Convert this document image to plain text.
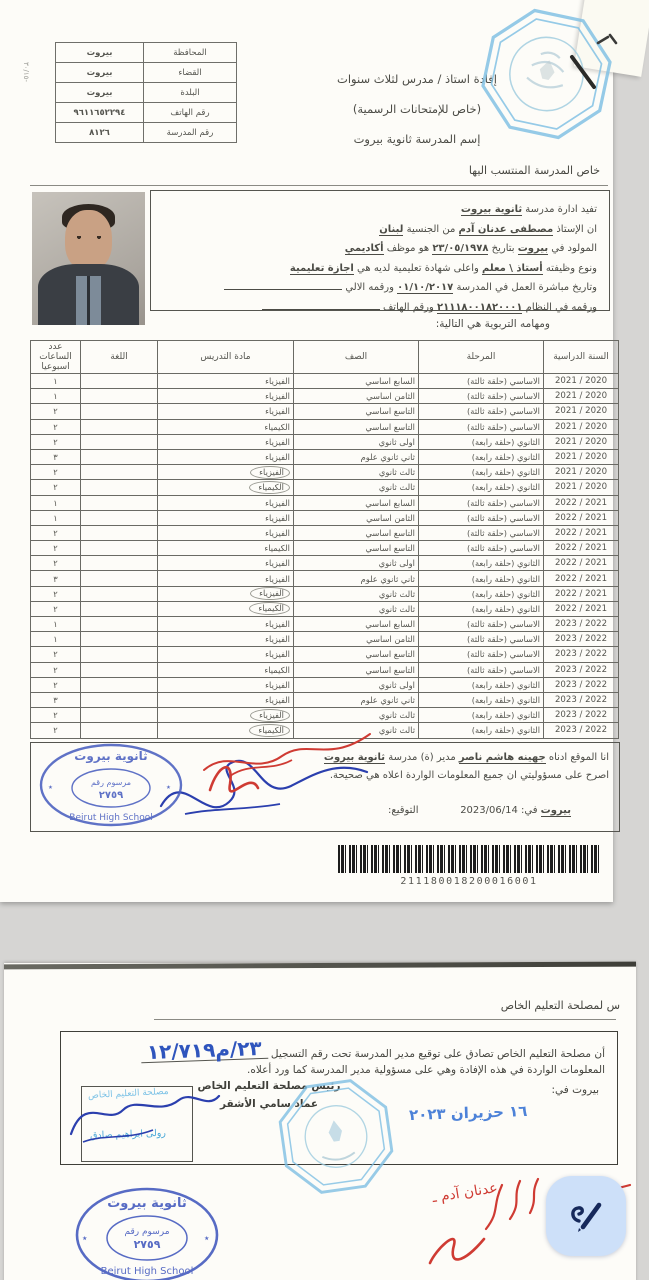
٣٠/١٥-
المحافظة	بيروت
القضاء	بيروت
البلدة	بيروت
رقم الهاتف	٩٦١١٦٥٢٢٩٤
رقم المدرسة	٨١٢٦
إفادة استاذ / مدرس لثلاث سنوات
(خاص للإمتحانات الرسمية)
إسم المدرسة ثانوية بيروت
خاص المدرسة المنتسب اليها
تفيد ادارة مدرسة ثانوية بيروت
ان الإستاذ مصطفى عدنان آدم من الجنسية لبنان
المولود في بيروت بتاريخ ٢٣/٠٥/١٩٧٨ هو موظف أكاديمي
ونوع وظيفته أستاذ \ معلم واعلى شهادة تعليمية لديه هي اجازة تعليمية
وتاريخ مباشرة العمل في المدرسة ٠١/١٠/٢٠١٧ ورقمه الالي
ورقمه في النظام ٢١١١٨٠٠١٨٢٠٠٠١ ورقم الهاتف
ومهامه التربوية هي التالية:
السنة الدراسية	المرحلة	الصف	مادة التدريس	اللغة	عدد الساعات اسبوعيا
2020 / 2021	الاساسي (حلقة ثالثة)	السابع اساسي	الفيزياء		١
2020 / 2021	الاساسي (حلقة ثالثة)	الثامن اساسي	الفيزياء		١
2020 / 2021	الاساسي (حلقة ثالثة)	التاسع اساسي	الفيزياء		٢
2020 / 2021	الاساسي (حلقة ثالثة)	التاسع اساسي	الكيمياء		٢
2020 / 2021	الثانوي (حلقة رابعة)	اولى ثانوي	الفيزياء		٢
2020 / 2021	الثانوي (حلقة رابعة)	ثاني ثانوي علوم	الفيزياء		٣
2020 / 2021	الثانوي (حلقة رابعة)	ثالث ثانوي	الفيزياء		٢
2020 / 2021	الثانوي (حلقة رابعة)	ثالث ثانوي	الكيمياء		٢
2021 / 2022	الاساسي (حلقة ثالثة)	السابع اساسي	الفيزياء		١
2021 / 2022	الاساسي (حلقة ثالثة)	الثامن اساسي	الفيزياء		١
2021 / 2022	الاساسي (حلقة ثالثة)	التاسع اساسي	الفيزياء		٢
2021 / 2022	الاساسي (حلقة ثالثة)	التاسع اساسي	الكيمياء		٢
2021 / 2022	الثانوي (حلقة رابعة)	اولى ثانوي	الفيزياء		٢
2021 / 2022	الثانوي (حلقة رابعة)	ثاني ثانوي علوم	الفيزياء		٣
2021 / 2022	الثانوي (حلقة رابعة)	ثالث ثانوي	الفيزياء		٢
2021 / 2022	الثانوي (حلقة رابعة)	ثالث ثانوي	الكيمياء		٢
2022 / 2023	الاساسي (حلقة ثالثة)	السابع اساسي	الفيزياء		١
2022 / 2023	الاساسي (حلقة ثالثة)	الثامن اساسي	الفيزياء		١
2022 / 2023	الاساسي (حلقة ثالثة)	التاسع اساسي	الفيزياء		٢
2022 / 2023	الاساسي (حلقة ثالثة)	التاسع اساسي	الكيمياء		٢
2022 / 2023	الثانوي (حلقة رابعة)	اولى ثانوي	الفيزياء		٢
2022 / 2023	الثانوي (حلقة رابعة)	ثاني ثانوي علوم	الفيزياء		٣
2022 / 2023	الثانوي (حلقة رابعة)	ثالث ثانوي	الفيزياء		٢
2022 / 2023	الثانوي (حلقة رابعة)	ثالث ثانوي	الكيمياء		٢
انا الموقع ادناه جهينه هاشم ناصر مدير (ة) مدرسة ثانوية بيروت
اصرح على مسؤوليتي ان جميع المعلومات الواردة اعلاه هي صحيحة.
التوقيع:	بيروت في: 2023/06/14
ثانوية بيروت
مرسوم رقم
٢٧٥٩
Beirut High School
٭	٭
211180018200016001
س لمصلحة التعليم الخاص
أن مصلحة التعليم الخاص تصادق على توقيع مدير المدرسة تحت رقم التسجيل ٢٣/م١٢/٧١٩
المعلومات الواردة في هذه الإفادة وهي على مسؤولية مدير المدرسة كما ورد أعلاه.
رئيس مصلحة التعليم الخاص
عماد سامي الأشقر
بيروت في:
١٦ حزيران ٢٠٢٣
مصلحة التعليم الخاص
رولى ابراهيم صادق
عدنان آدم ـ
ثانوية بيروت
مرسوم رقم
٢٧٥٩
Beirut High School
٭	٭
